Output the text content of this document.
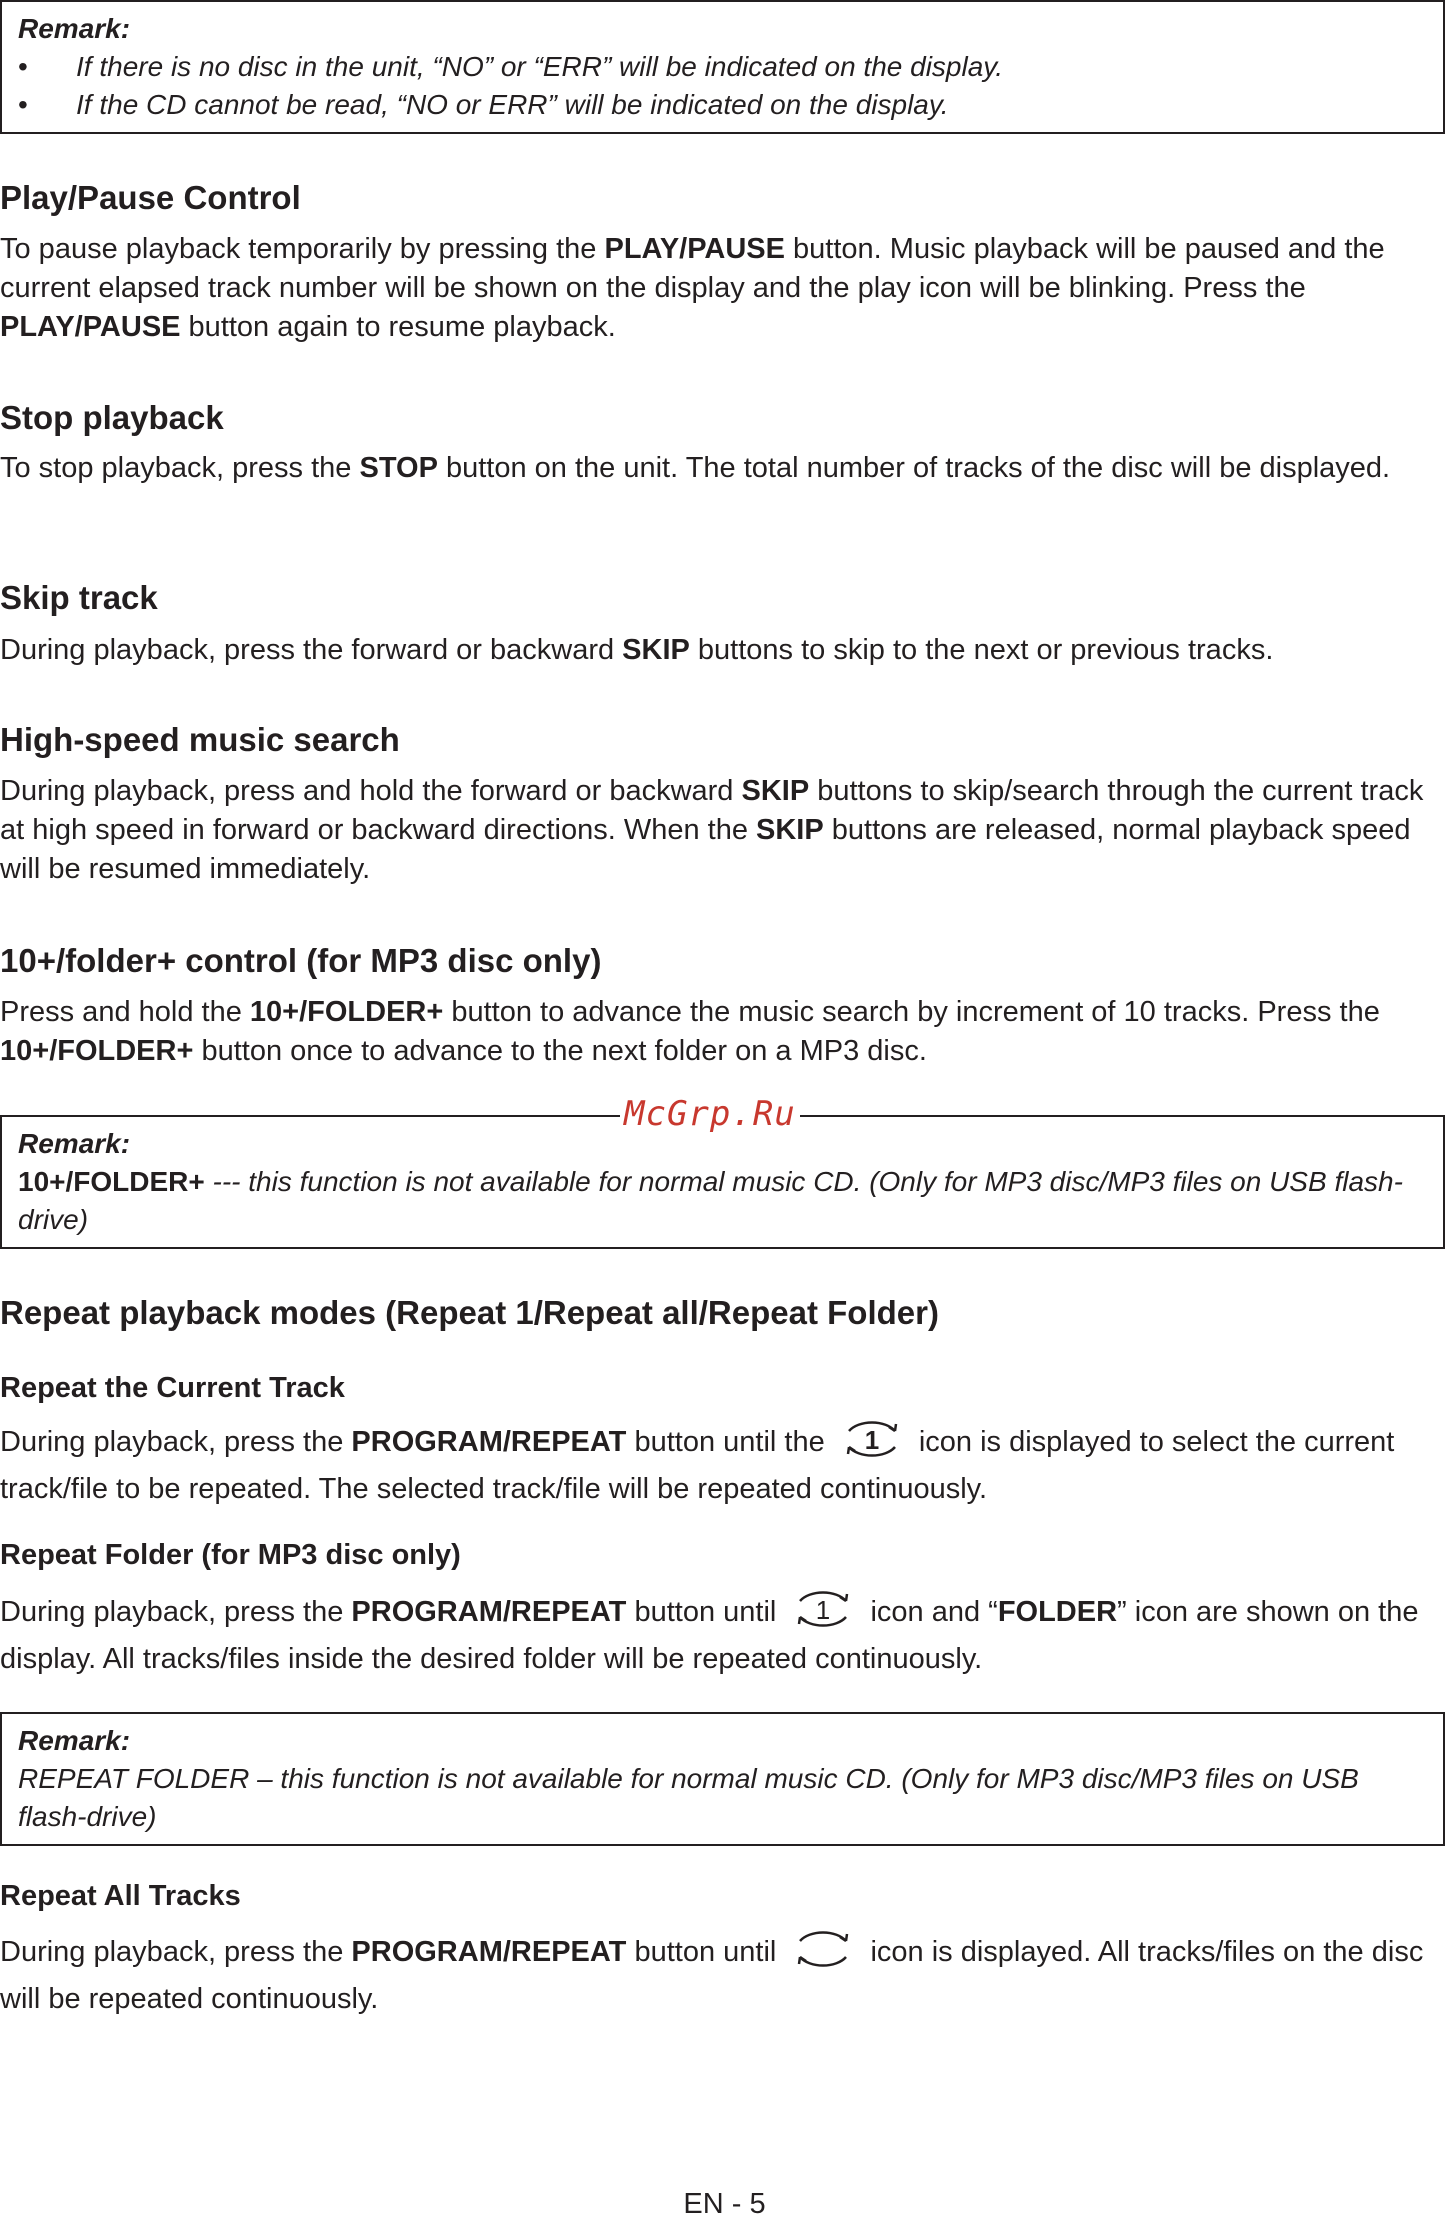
Remark:
•	If there is no disc in the unit, “NO” or “ERR” will be indicated on the display.
•	If the CD cannot be read, “NO or ERR” will be indicated on the display.
Play/Pause Control
To pause playback temporarily by pressing the PLAY/PAUSE button. Music playback will be paused and the current elapsed track number will be shown on the display and the play icon will be blinking. Press the PLAY/PAUSE button again to resume playback.
Stop playback
To stop playback, press the STOP button on the unit. The total number of tracks of the disc will be displayed.
Skip track
During playback, press the forward or backward SKIP buttons to skip to the next or previous tracks.
High-speed music search
During playback, press and hold the forward or backward SKIP buttons to skip/search through the current track at high speed in forward or backward directions. When the SKIP buttons are released, normal playback speed will be resumed immediately.
10+/folder+ control (for MP3 disc only)
Press and hold the 10+/FOLDER+ button to advance the music search by increment of 10 tracks. Press the 10+/FOLDER+ button once to advance to the next folder on a MP3 disc.
Remark:
10+/FOLDER+ --- this function is not available for normal music CD. (Only for MP3 disc/MP3 files on USB flash-drive)
McGrp.Ru
Repeat playback modes (Repeat 1/Repeat all/Repeat Folder)
Repeat the Current Track
During playback, press the PROGRAM/REPEAT button until the 1 icon is displayed to select the current track/file to be repeated. The selected track/file will be repeated continuously.
Repeat Folder (for MP3 disc only)
During playback, press the PROGRAM/REPEAT button until 1 icon and “FOLDER” icon are shown on the display. All tracks/files inside the desired folder will be repeated continuously.
Remark:
REPEAT FOLDER – this function is not available for normal music CD. (Only for MP3 disc/MP3 files on USB flash-drive)
Repeat All Tracks
During playback, press the PROGRAM/REPEAT button until	icon is displayed. All tracks/files on the disc will be repeated continuously.
EN - 5
